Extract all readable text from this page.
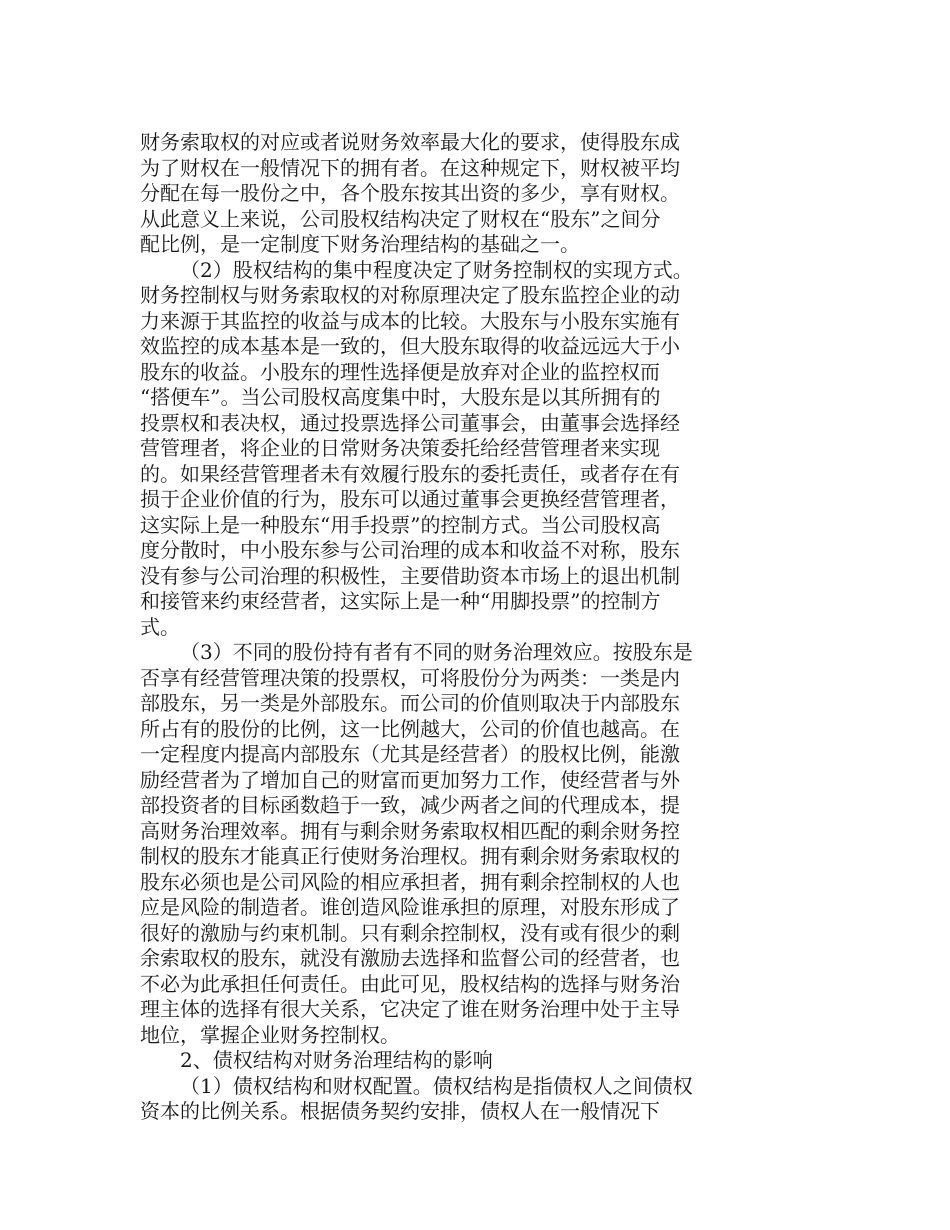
财务索取权的对应或者说财务效率最大化的要求，使得股东成
为了财权在一般情况下的拥有者。在这种规定下，财权被平均
分配在每一股份之中，各个股东按其出资的多少，享有财权。
从此意义上来说，公司股权结构决定了财权在“股东”之间分
配比例，是一定制度下财务治理结构的基础之一。
（2）股权结构的集中程度决定了财务控制权的实现方式。
财务控制权与财务索取权的对称原理决定了股东监控企业的动
力来源于其监控的收益与成本的比较。大股东与小股东实施有
效监控的成本基本是一致的，但大股东取得的收益远远大于小
股东的收益。小股东的理性选择便是放弃对企业的监控权而
“搭便车”。当公司股权高度集中时，大股东是以其所拥有的
投票权和表决权，通过投票选择公司董事会，由董事会选择经
营管理者，将企业的日常财务决策委托给经营管理者来实现
的。如果经营管理者未有效履行股东的委托责任，或者存在有
损于企业价值的行为，股东可以通过董事会更换经营管理者，
这实际上是一种股东“用手投票”的控制方式。当公司股权高
度分散时，中小股东参与公司治理的成本和收益不对称，股东
没有参与公司治理的积极性，主要借助资本市场上的退出机制
和接管来约束经营者，这实际上是一种“用脚投票”的控制方
式。
（3）不同的股份持有者有不同的财务治理效应。按股东是
否享有经营管理决策的投票权，可将股份分为两类：一类是内
部股东，另一类是外部股东。而公司的价值则取决于内部股东
所占有的股份的比例，这一比例越大，公司的价值也越高。在
一定程度内提高内部股东（尤其是经营者）的股权比例，能激
励经营者为了增加自己的财富而更加努力工作，使经营者与外
部投资者的目标函数趋于一致，减少两者之间的代理成本，提
高财务治理效率。拥有与剩余财务索取权相匹配的剩余财务控
制权的股东才能真正行使财务治理权。拥有剩余财务索取权的
股东必须也是公司风险的相应承担者，拥有剩余控制权的人也
应是风险的制造者。谁创造风险谁承担的原理，对股东形成了
很好的激励与约束机制。只有剩余控制权，没有或有很少的剩
余索取权的股东，就没有激励去选择和监督公司的经营者，也
不必为此承担任何责任。由此可见，股权结构的选择与财务治
理主体的选择有很大关系，它决定了谁在财务治理中处于主导
地位，掌握企业财务控制权。
2、债权结构对财务治理结构的影响
（1）债权结构和财权配置。债权结构是指债权人之间债权
资本的比例关系。根据债务契约安排，债权人在一般情况下
